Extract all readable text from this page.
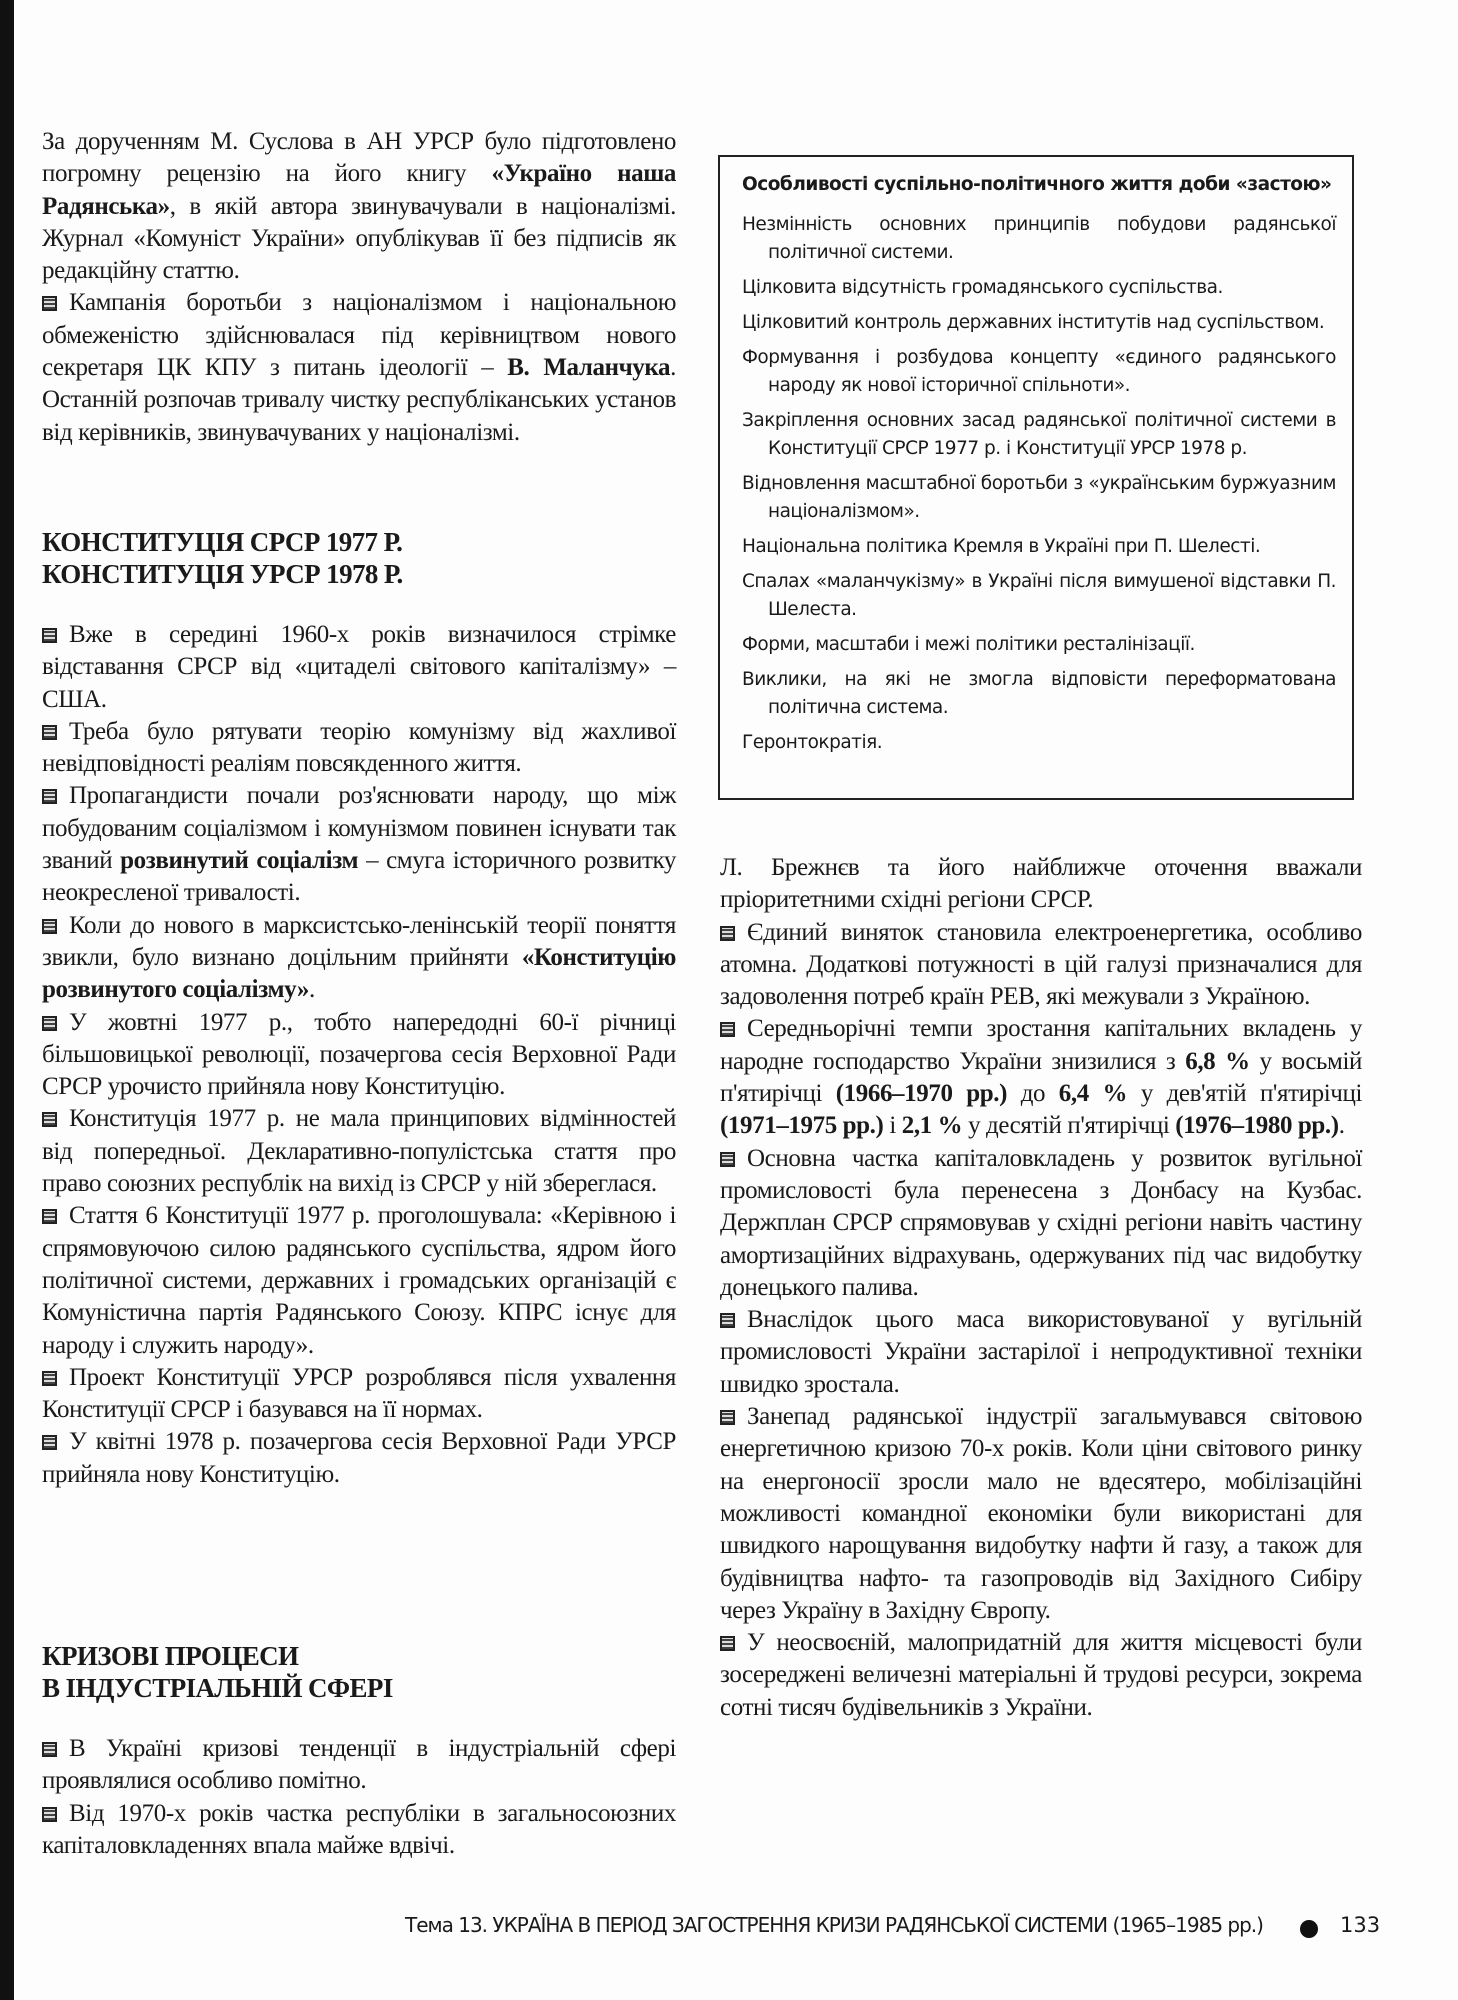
За дорученням М. Суслова в АН УРСР було підготовлено погромну рецензію на його книгу «Україно наша Радянська», в якій автора звинувачували в націоналізмі. Журнал «Комуніст України» опублікував її без підписів як редакційну статтю.

Кампанія боротьби з націоналізмом і національною обмеженістю здійснювалася під керівництвом нового секретаря ЦК КПУ з питань ідеології – В. Маланчука. Останній розпочав тривалу чистку республіканських установ від керівників, звинувачуваних у націоналізмі.

КОНСТИТУЦІЯ СРСР 1977 Р.

КОНСТИТУЦІЯ УРСР 1978 Р.

Вже в середині 1960-х років визначилося стрімке відставання СРСР від «цитаделі світового капіталізму» – США.

Треба було рятувати теорію комунізму від жахливої невідповідності реаліям повсякденного життя.

Пропагандисти почали роз'яснювати народу, що між побудованим соціалізмом і комунізмом повинен існувати так званий розвинутий соціалізм – смуга історичного розвитку неокресленої тривалості.

Коли до нового в марксистсько-ленінській теорії поняття звикли, було визнано доцільним прийняти «Конституцію розвинутого соціалізму».

У жовтні 1977 р., тобто напередодні 60-ї річниці більшовицької революції, позачергова сесія Верховної Ради СРСР урочисто прийняла нову Конституцію.

Конституція 1977 р. не мала принципових відмінностей від попередньої. Декларативно-популістська стаття про право союзних республік на вихід із СРСР у ній збереглася.

Стаття 6 Конституції 1977 р. проголошувала: «Керівною і спрямовуючою силою радянського суспільства, ядром його політичної системи, державних і громадських організацій є Комуністична партія Радянського Союзу. КПРС існує для народу і служить народу».

Проект Конституції УРСР розроблявся після ухвалення Конституції СРСР і базувався на її нормах.

У квітні 1978 р. позачергова сесія Верховної Ради УРСР прийняла нову Конституцію.

КРИЗОВІ ПРОЦЕСИ

В ІНДУСТРІАЛЬНІЙ СФЕРІ

В Україні кризові тенденції в індустріальній сфері проявлялися особливо помітно.

Від 1970-х років частка республіки в загальносоюзних капіталовкладеннях впала майже вдвічі.

Особливості суспільно-політичного життя доби «застою»
Незмінність основних принципів побудови радянської політичної системи.
Цілковита відсутність громадянського суспільства.
Цілковитий контроль державних інститутів над суспільством.
Формування і розбудова концепту «єдиного радянського народу як нової історичної спільноти».
Закріплення основних засад радянської політичної системи в Конституції СРСР 1977 р. і Конституції УРСР 1978 р.
Відновлення масштабної боротьби з «українським буржуазним націоналізмом».
Національна політика Кремля в Україні при П. Шелесті.
Спалах «маланчукізму» в Україні після вимушеної відставки П. Шелеста.
Форми, масштаби і межі політики ресталінізації.
Виклики, на які не змогла відповісти переформатована політична система.
Геронтократія.

Л. Брежнєв та його найближче оточення вважали пріоритетними східні регіони СРСР.

Єдиний виняток становила електроенергетика, особливо атомна. Додаткові потужності в цій галузі призначалися для задоволення потреб країн РЕВ, які межували з Україною.

Середньорічні темпи зростання капітальних вкладень у народне господарство України знизилися з 6,8 % у восьмій п'ятирічці (1966–1970 рр.) до 6,4 % у дев'ятій п'ятирічці (1971–1975 рр.) і 2,1 % у десятій п'ятирічці (1976–1980 рр.).

Основна частка капіталовкладень у розвиток вугільної промисловості була перенесена з Донбасу на Кузбас. Держплан СРСР спрямовував у східні регіони навіть частину амортизаційних відрахувань, одержуваних під час видобутку донецького палива.

Внаслідок цього маса використовуваної у вугільній промисловості України застарілої і непродуктивної техніки швидко зростала.

Занепад радянської індустрії загальмувався світовою енергетичною кризою 70-х років. Коли ціни світового ринку на енергоносії зросли мало не вдесятеро, мобілізаційні можливості командної економіки були використані для швидкого нарощування видобутку нафти й газу, а також для будівництва нафто- та газопроводів від Західного Сибіру через Україну в Західну Європу.

У неосвоєній, малопридатній для життя місцевості були зосереджені величезні матеріальні й трудові ресурси, зокрема сотні тисяч будівельників з України.

Тема 13. УКРАЇНА В ПЕРІОД ЗАГОСТРЕННЯ КРИЗИ РАДЯНСЬКОЇ СИСТЕМИ (1965–1985 рр.)	133
